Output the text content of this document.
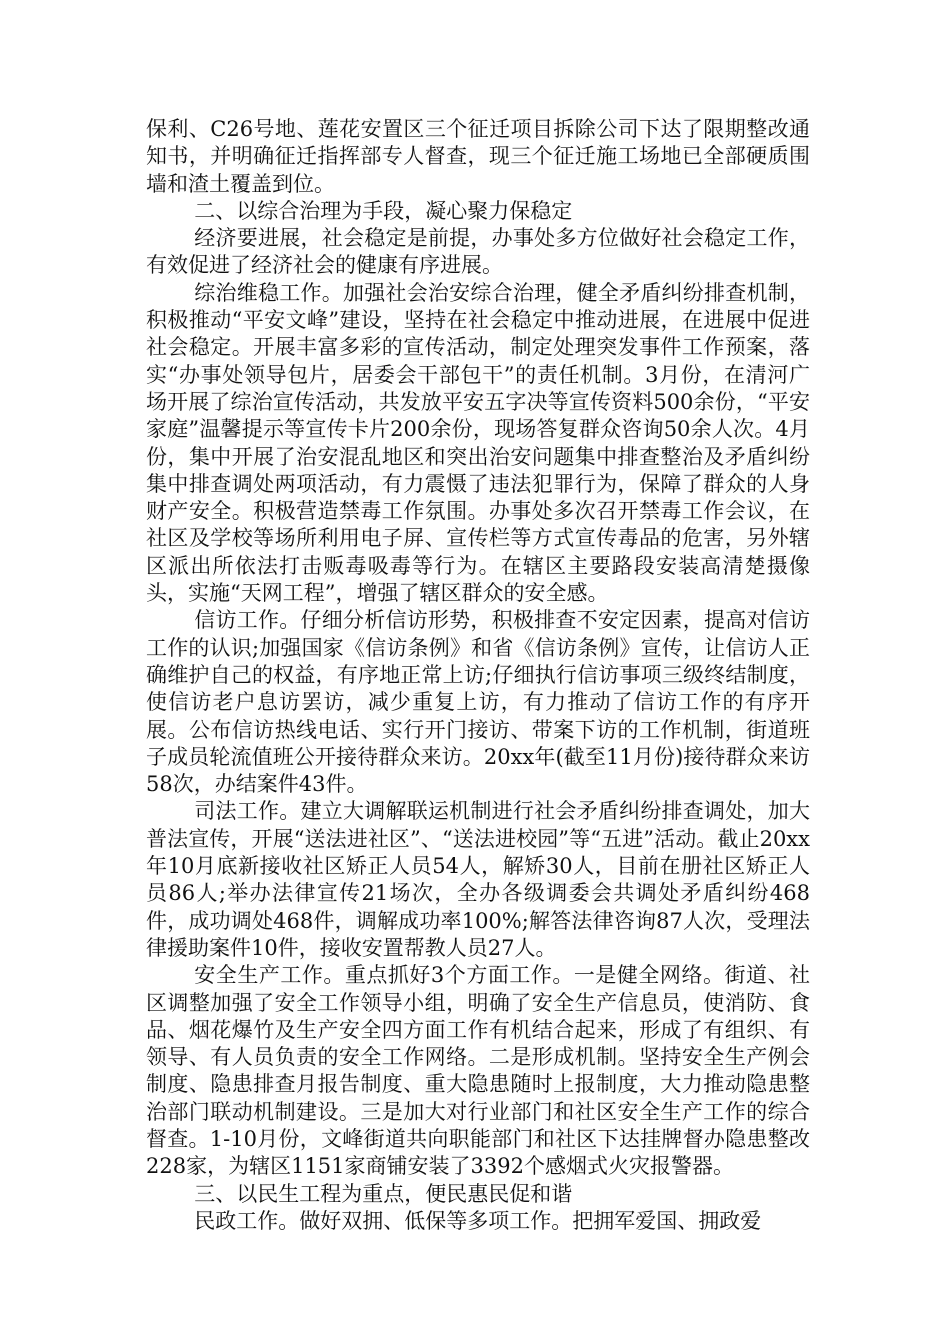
保利、C26号地、莲花安置区三个征迁项目拆除公司下达了限期整改通知书，并明确征迁指挥部专人督查，现三个征迁施工场地已全部硬质围墙和渣土覆盖到位。

二、以综合治理为手段，凝心聚力保稳定

经济要进展，社会稳定是前提，办事处多方位做好社会稳定工作，有效促进了经济社会的健康有序进展。

综治维稳工作。加强社会治安综合治理，健全矛盾纠纷排查机制，积极推动“平安文峰”建设，坚持在社会稳定中推动进展，在进展中促进社会稳定。开展丰富多彩的宣传活动，制定处理突发事件工作预案，落实“办事处领导包片，居委会干部包干”的责任机制。3月份，在清河广场开展了综治宣传活动，共发放平安五字决等宣传资料500余份，“平安家庭”温馨提示等宣传卡片200余份，现场答复群众咨询50余人次。4月份，集中开展了治安混乱地区和突出治安问题集中排查整治及矛盾纠纷集中排查调处两项活动，有力震慑了违法犯罪行为，保障了群众的人身财产安全。积极营造禁毒工作氛围。办事处多次召开禁毒工作会议，在社区及学校等场所利用电子屏、宣传栏等方式宣传毒品的危害，另外辖区派出所依法打击贩毒吸毒等行为。在辖区主要路段安装高清楚摄像头，实施“天网工程”，增强了辖区群众的安全感。

信访工作。仔细分析信访形势，积极排查不安定因素，提高对信访工作的认识;加强国家《信访条例》和省《信访条例》宣传，让信访人正确维护自己的权益，有序地正常上访;仔细执行信访事项三级终结制度，使信访老户息访罢访，减少重复上访，有力推动了信访工作的有序开展。公布信访热线电话、实行开门接访、带案下访的工作机制，街道班子成员轮流值班公开接待群众来访。20xx年(截至11月份)接待群众来访58次，办结案件43件。

司法工作。建立大调解联运机制进行社会矛盾纠纷排查调处，加大普法宣传，开展“送法进社区”、“送法进校园”等“五进”活动。截止20xx年10月底新接收社区矫正人员54人，解矫30人，目前在册社区矫正人员86人;举办法律宣传21场次，全办各级调委会共调处矛盾纠纷468件，成功调处468件，调解成功率100%;解答法律咨询87人次，受理法律援助案件10件，接收安置帮教人员27人。

安全生产工作。重点抓好3个方面工作。一是健全网络。街道、社区调整加强了安全工作领导小组，明确了安全生产信息员，使消防、食品、烟花爆竹及生产安全四方面工作有机结合起来，形成了有组织、有领导、有人员负责的安全工作网络。二是形成机制。坚持安全生产例会制度、隐患排查月报告制度、重大隐患随时上报制度，大力推动隐患整治部门联动机制建设。三是加大对行业部门和社区安全生产工作的综合督查。1-10月份，文峰街道共向职能部门和社区下达挂牌督办隐患整改228家，为辖区1151家商铺安装了3392个感烟式火灾报警器。

三、以民生工程为重点，便民惠民促和谐

民政工作。做好双拥、低保等多项工作。把拥军爱国、拥政爱
